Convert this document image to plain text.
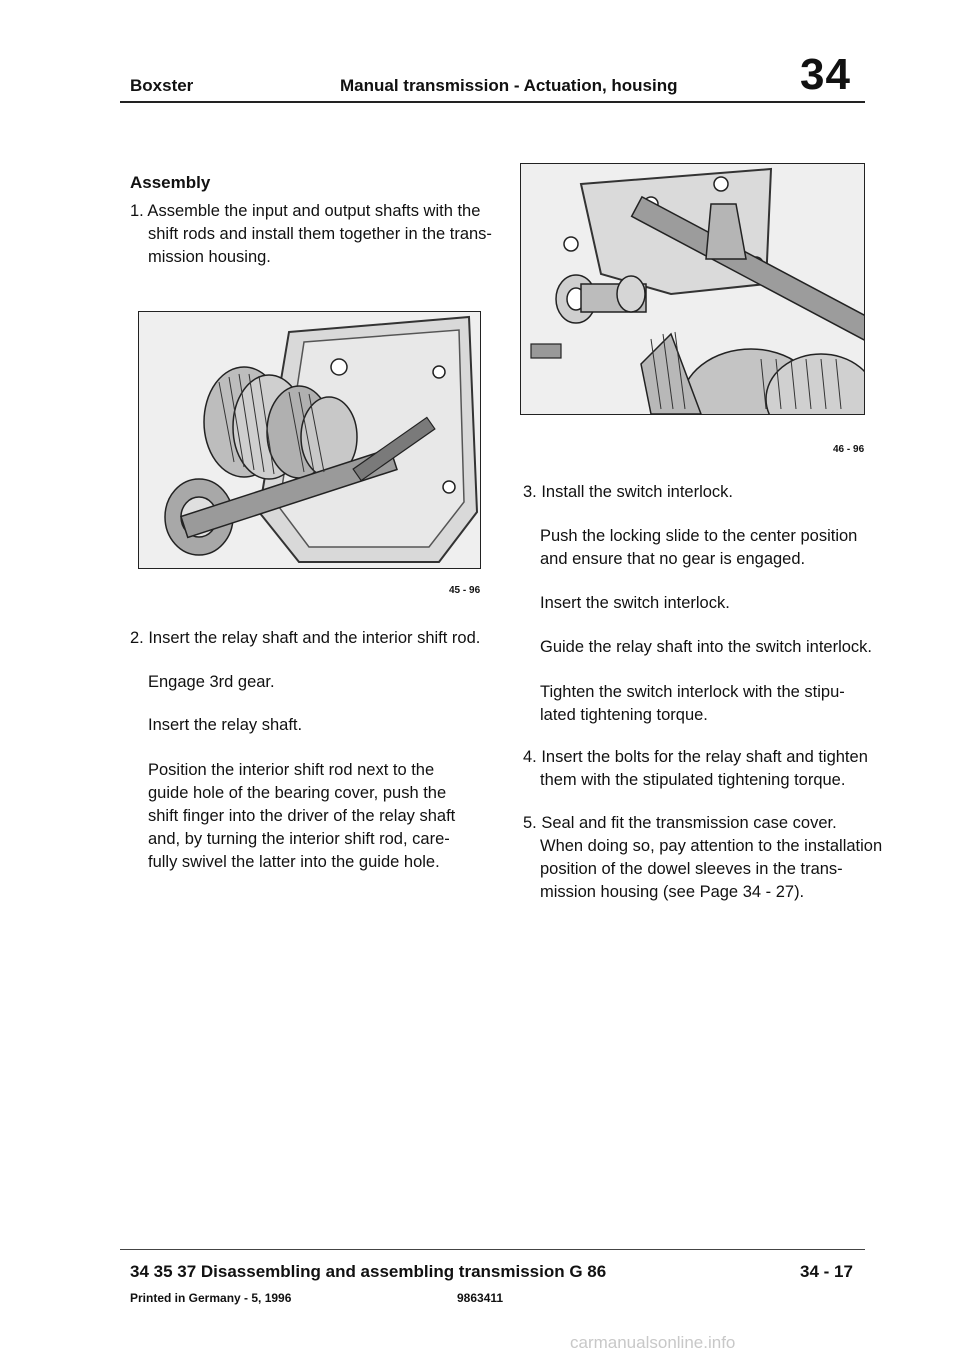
Boxster	Manual transmission - Actuation, housing	34
Assembly
1. Assemble the input and output shafts with the
shift rods and install them together in the trans-
mission housing.
45 - 96
2. Insert the relay shaft and the interior shift rod.
Engage 3rd gear.
Insert the relay shaft.
Position the interior shift rod next to the
guide hole of the bearing cover, push the
shift finger into the driver of the relay shaft
and, by turning the interior shift rod, care-
fully swivel the latter into the guide hole.
46 - 96
3. Install the switch interlock.
Push the locking slide to the center position
and ensure that no gear is engaged.
Insert the switch interlock.
Guide the relay shaft into the switch interlock.
Tighten the switch interlock with the stipu-
lated tightening torque.
4. Insert the bolts for the relay shaft and tighten
them with the stipulated tightening torque.
5. Seal and fit the transmission case cover.
When doing so, pay attention to the installation
position of the dowel sleeves in the trans-
mission housing (see Page 34 - 27).
34 35 37 Disassembling and assembling transmission G 86	34 - 17
Printed in Germany - 5, 1996	9863411
carmanualsonline.info
